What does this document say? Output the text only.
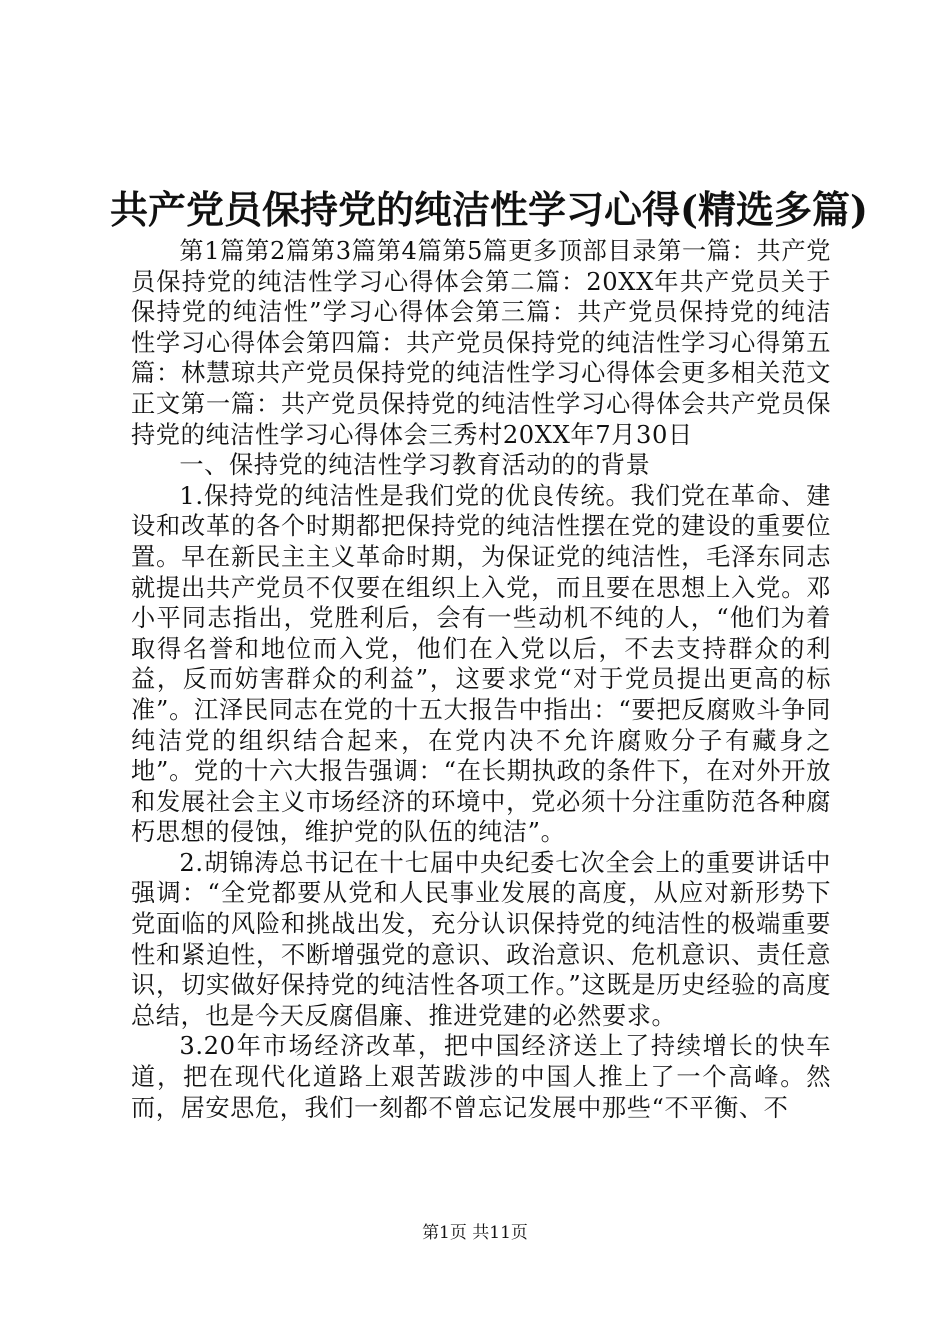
共产党员保持党的纯洁性学习心得(精选多篇)

第1篇第2篇第3篇第4篇第5篇更多顶部目录第一篇：共产党员保持党的纯洁性学习心得体会第二篇：20XX年共产党员关于保持党的纯洁性”学习心得体会第三篇：共产党员保持党的纯洁性学习心得体会第四篇：共产党员保持党的纯洁性学习心得第五篇：林慧琼共产党员保持党的纯洁性学习心得体会更多相关范文正文第一篇：共产党员保持党的纯洁性学习心得体会共产党员保持党的纯洁性学习心得体会三秀村20XX年7月30日

一、保持党的纯洁性学习教育活动的的背景

1.保持党的纯洁性是我们党的优良传统。我们党在革命、建设和改革的各个时期都把保持党的纯洁性摆在党的建设的重要位置。早在新民主主义革命时期，为保证党的纯洁性，毛泽东同志就提出共产党员不仅要在组织上入党，而且要在思想上入党。邓小平同志指出，党胜利后，会有一些动机不纯的人，“他们为着取得名誉和地位而入党，他们在入党以后，不去支持群众的利益，反而妨害群众的利益”，这要求党“对于党员提出更高的标准”。江泽民同志在党的十五大报告中指出：“要把反腐败斗争同纯洁党的组织结合起来，在党内决不允许腐败分子有藏身之地”。党的十六大报告强调：“在长期执政的条件下，在对外开放和发展社会主义市场经济的环境中，党必须十分注重防范各种腐朽思想的侵蚀，维护党的队伍的纯洁”。

2.胡锦涛总书记在十七届中央纪委七次全会上的重要讲话中强调：“全党都要从党和人民事业发展的高度，从应对新形势下党面临的风险和挑战出发，充分认识保持党的纯洁性的极端重要性和紧迫性，不断增强党的意识、政治意识、危机意识、责任意识，切实做好保持党的纯洁性各项工作。”这既是历史经验的高度总结，也是今天反腐倡廉、推进党建的必然要求。

3.20年市场经济改革，把中国经济送上了持续增长的快车道，把在现代化道路上艰苦跋涉的中国人推上了一个高峰。然而，居安思危，我们一刻都不曾忘记发展中那些“不平衡、不

第1页 共11页
